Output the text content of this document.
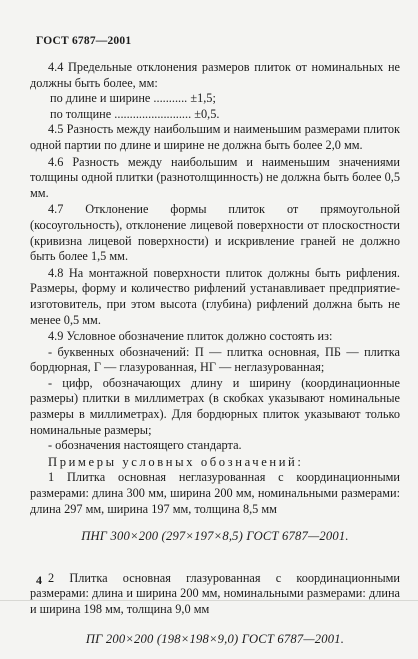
ГОСТ 6787—2001

4.4 Предельные отклонения размеров плиток от номинальных не должны быть более, мм:

по длине и ширине ........... ±1,5;

по толщине ......................... ±0,5.

4.5 Разность между наибольшим и наименьшим размерами плиток одной партии по длине и ширине не должна быть более 2,0 мм.

4.6 Разность между наибольшим и наименьшим значениями толщины одной плитки (разнотолщинность) не должна быть более 0,5 мм.

4.7 Отклонение формы плиток от прямоугольной (косоугольность), отклонение лицевой поверхности от плоскостности (кривизна лицевой поверхности) и искривление граней не должно быть более 1,5 мм.

4.8 На монтажной поверхности плиток должны быть рифления. Размеры, форму и количество рифлений устанавливает предприятие-изготовитель, при этом высота (глубина) рифлений должна быть не менее 0,5 мм.

4.9 Условное обозначение плиток должно состоять из:

- буквенных обозначений: П — плитка основная, ПБ — плитка бордюрная, Г — глазурованная, НГ — неглазурованная;

- цифр, обозначающих длину и ширину (координационные размеры) плитки в миллиметрах (в скобках указывают номинальные размеры в миллиметрах). Для бордюрных плиток указывают только номинальные размеры;

- обозначения настоящего стандарта.

Примеры условных обозначений:

1 Плитка основная неглазурованная с координационными размерами: длина 300 мм, ширина 200 мм, номинальными размерами: длина 297 мм, ширина 197 мм, толщина 8,5 мм

ПНГ 300×200 (297×197×8,5) ГОСТ 6787—2001.

2 Плитка основная глазурованная с координационными размерами: длина и ширина 200 мм, номинальными размерами: длина и ширина 198 мм, толщина 9,0 мм

ПГ 200×200 (198×198×9,0) ГОСТ 6787—2001.

4
